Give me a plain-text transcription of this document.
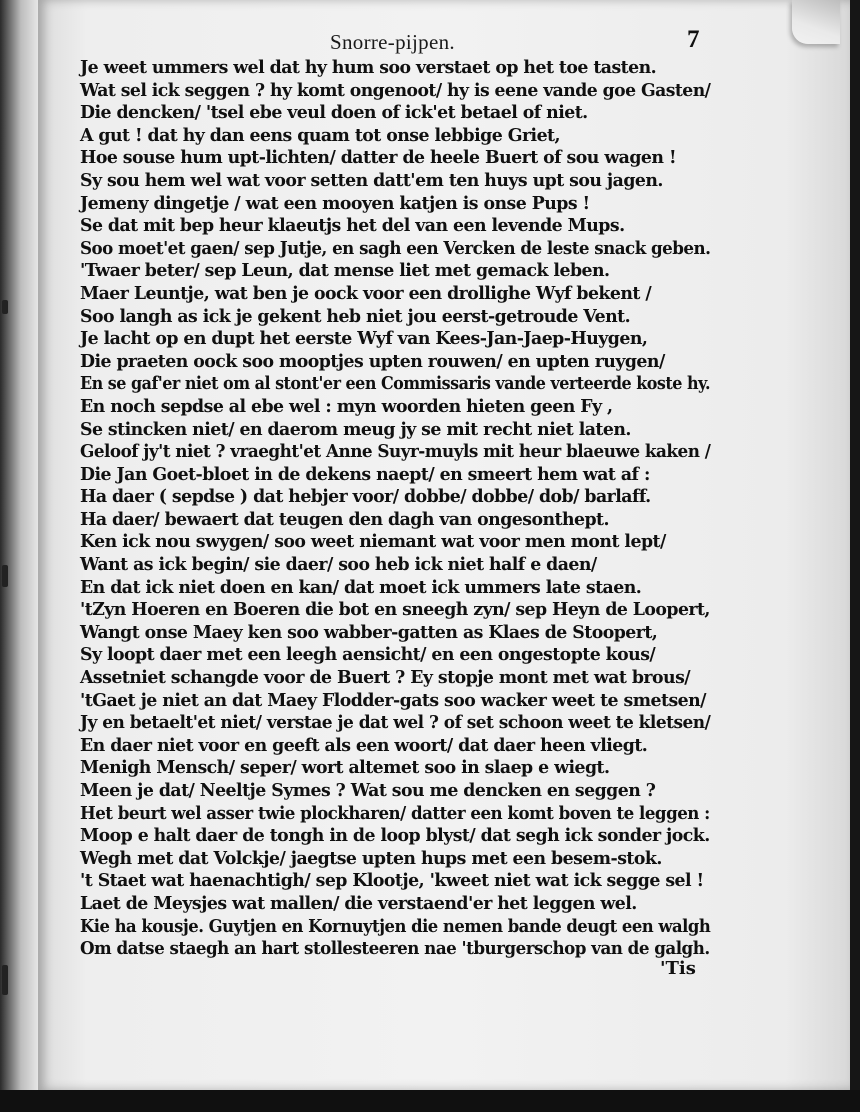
Snorre-pijpen.	7
Je weet ummers wel dat hy hum soo verstaet op het toe tasten.
Wat sel ick seggen ? hy komt ongenoot/ hy is eene vande goe Gasten/
Die dencken/ 'tsel ebe veul doen of ick'et betael of niet.
A gut ! dat hy dan eens quam tot onse lebbige Griet,
Hoe souse hum upt-lichten/ datter de heele Buert of sou wagen !
Sy sou hem wel wat voor setten datt'em ten huys upt sou jagen.
Jemeny dingetje / wat een mooyen katjen is onse Pups !
Se dat mit bep heur klaeutjs het del van een levende Mups.
Soo moet'et gaen/ sep Jutje, en sagh een Vercken de leste snack geben.
'Twaer beter/ sep Leun, dat mense liet met gemack leben.
Maer Leuntje, wat ben je oock voor een drollighe Wyf bekent /
Soo langh as ick je gekent heb niet jou eerst-getroude Vent.
Je lacht op en dupt het eerste Wyf van Kees-Jan-Jaep-Huygen,
Die praeten oock soo mooptjes upten rouwen/ en upten ruygen/
En se gaf'er niet om al stont'er een Commissaris vande verteerde koste hy.
En noch sepdse al ebe wel : myn woorden hieten geen Fy ,
Se stincken niet/ en daerom meug jy se mit recht niet laten.
Geloof jy't niet ? vraeght'et Anne Suyr-muyls mit heur blaeuwe kaken /
Die Jan Goet-bloet in de dekens naept/ en smeert hem wat af :
Ha daer ( sepdse ) dat hebjer voor/ dobbe/ dobbe/ dob/ barlaff.
Ha daer/ bewaert dat teugen den dagh van ongesonthept.
Ken ick nou swygen/ soo weet niemant wat voor men mont lept/
Want as ick begin/ sie daer/ soo heb ick niet half e daen/
En dat ick niet doen en kan/ dat moet ick ummers late staen.
'tZyn Hoeren en Boeren die bot en sneegh zyn/ sep Heyn de Loopert,
Wangt onse Maey ken soo wabber-gatten as Klaes de Stoopert,
Sy loopt daer met een leegh aensicht/ en een ongestopte kous/
Assetniet schangde voor de Buert ? Ey stopje mont met wat brous/
'tGaet je niet an dat Maey Flodder-gats soo wacker weet te smetsen/
Jy en betaelt'et niet/ verstae je dat wel ? of set schoon weet te kletsen/
En daer niet voor en geeft als een woort/ dat daer heen vliegt.
Menigh Mensch/ seper/ wort altemet soo in slaep e wiegt.
Meen je dat/ Neeltje Symes ? Wat sou me dencken en seggen ?
Het beurt wel asser twie plockharen/ datter een komt boven te leggen :
Moop e halt daer de tongh in de loop blyst/ dat segh ick sonder jock.
Wegh met dat Volckje/ jaegtse upten hups met een besem-stok.
't Staet wat haenachtigh/ sep Klootje, 'kweet niet wat ick segge sel !
Laet de Meysjes wat mallen/ die verstaend'er het leggen wel.
Kie ha kousje. Guytjen en Kornuytjen die nemen bande deugt een walgh
Om datse staegh an hart stollesteeren nae 'tburgerschop van de galgh.
'Tis
